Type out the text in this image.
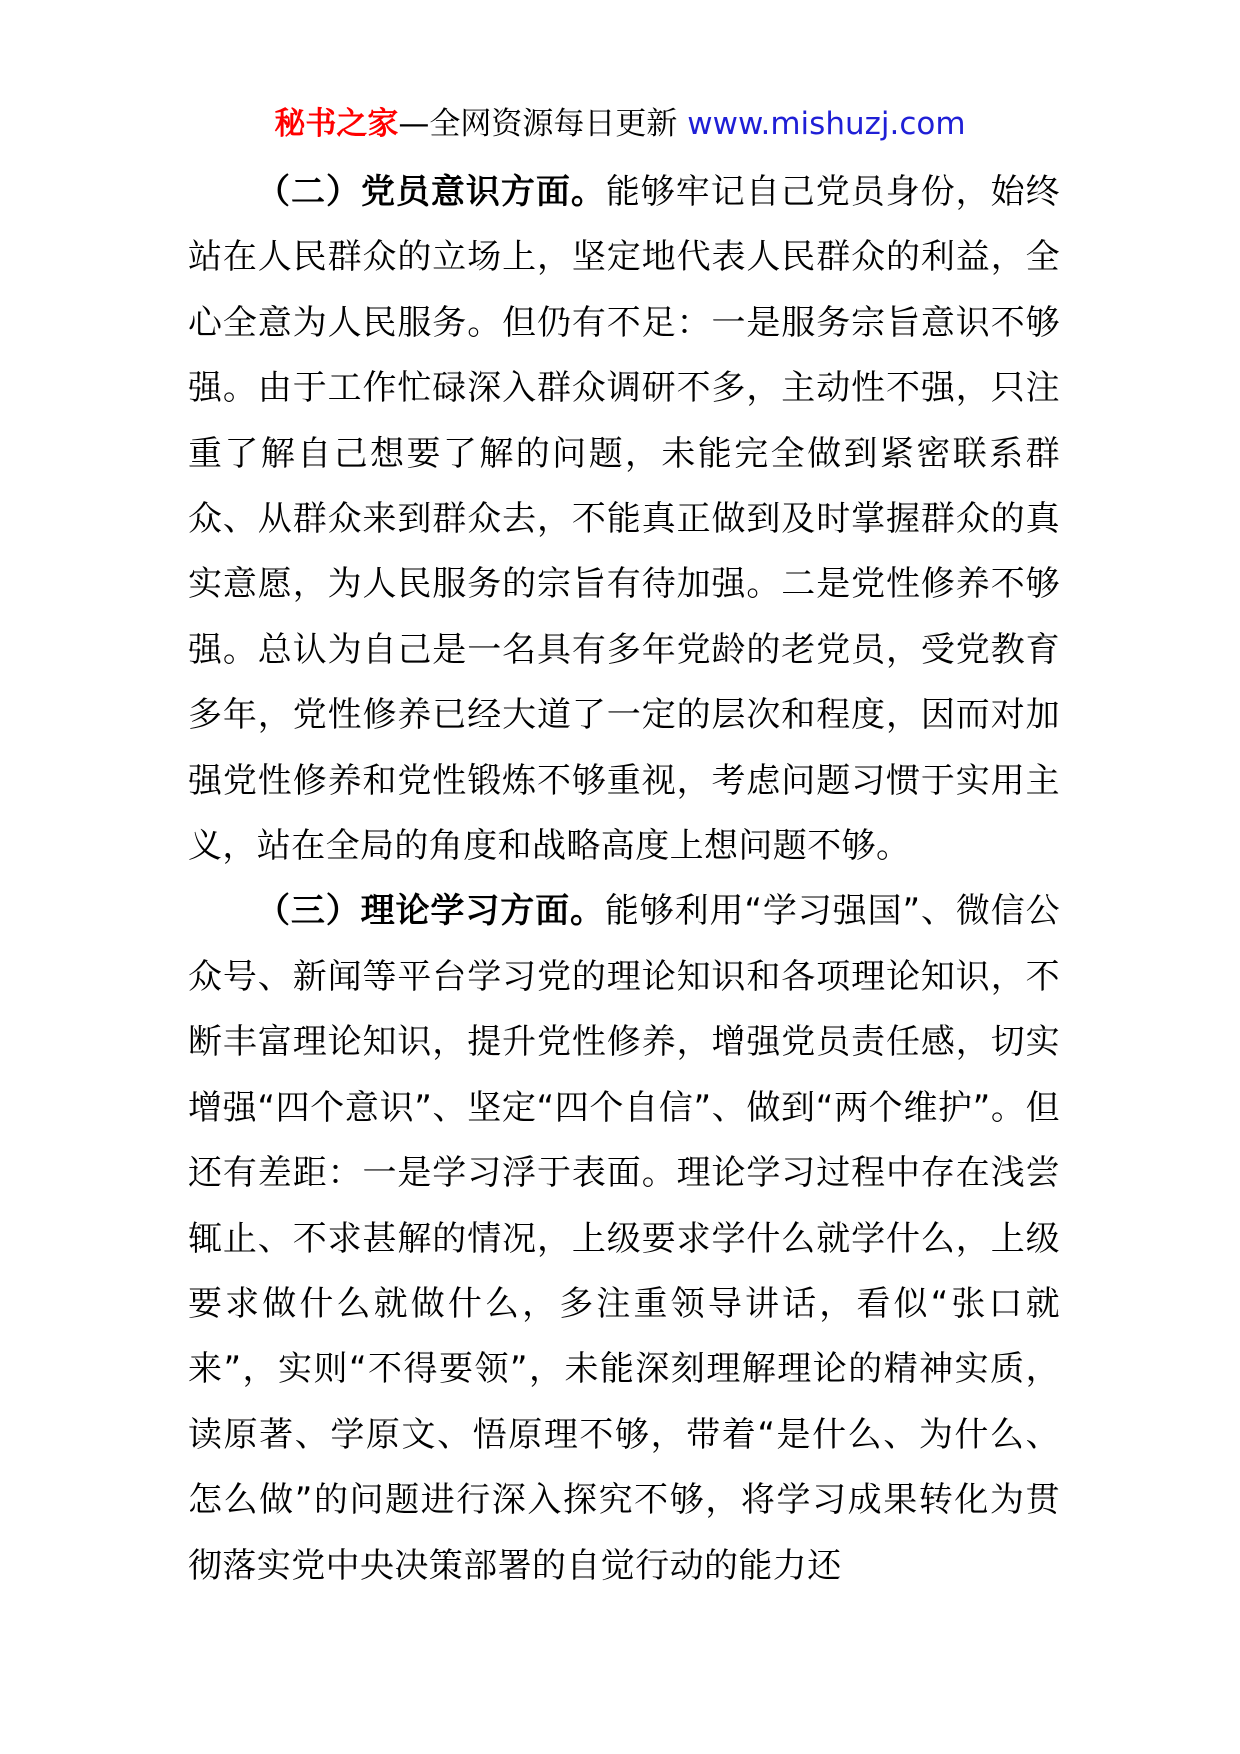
秘书之家—全网资源每日更新 www.mishuzj.com

（二）党员意识方面。能够牢记自己党员身份，始终站在人民群众的立场上，坚定地代表人民群众的利益，全心全意为人民服务。但仍有不足：一是服务宗旨意识不够强。由于工作忙碌深入群众调研不多，主动性不强，只注重了解自己想要了解的问题，未能完全做到紧密联系群众、从群众来到群众去，不能真正做到及时掌握群众的真实意愿，为人民服务的宗旨有待加强。二是党性修养不够强。总认为自己是一名具有多年党龄的老党员，受党教育多年，党性修养已经大道了一定的层次和程度，因而对加强党性修养和党性锻炼不够重视，考虑问题习惯于实用主义，站在全局的角度和战略高度上想问题不够。

（三）理论学习方面。能够利用“学习强国”、微信公众号、新闻等平台学习党的理论知识和各项理论知识，不断丰富理论知识，提升党性修养，增强党员责任感，切实增强“四个意识”、坚定“四个自信”、做到“两个维护”。但还有差距：一是学习浮于表面。理论学习过程中存在浅尝辄止、不求甚解的情况，上级要求学什么就学什么，上级要求做什么就做什么，多注重领导讲话，看似“张口就来”，实则“不得要领”，未能深刻理解理论的精神实质，读原著、学原文、悟原理不够，带着“是什么、为什么、怎么做”的问题进行深入探究不够，将学习成果转化为贯彻落实党中央决策部署的自觉行动的能力还
